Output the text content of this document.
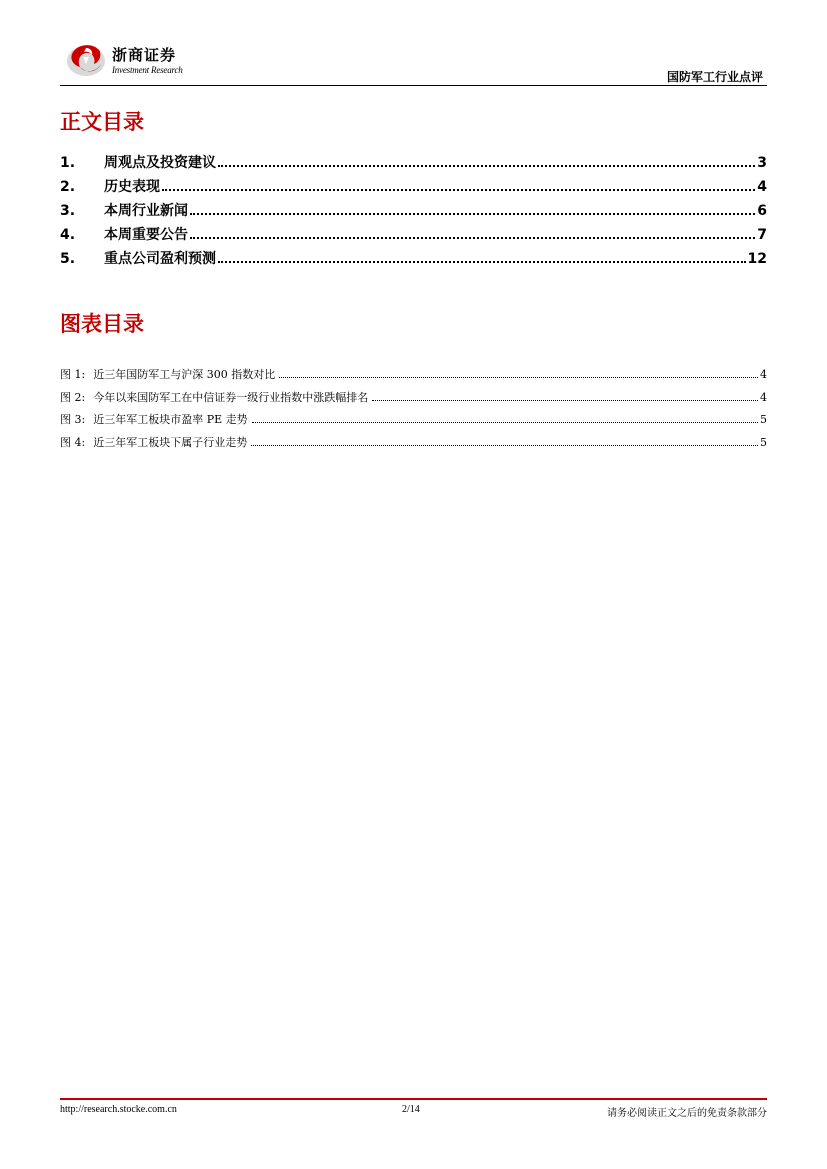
浙商证券
Investment Research	国防军工行业点评
正文目录
1.	周观点及投资建议	3
2.	历史表现	4
3.	本周行业新闻	6
4.	本周重要公告	7
5.	重点公司盈利预测	12
图表目录
图 1: 近三年国防军工与沪深 300 指数对比	4
图 2: 今年以来国防军工在中信证券一级行业指数中涨跌幅排名	4
图 3: 近三年军工板块市盈率 PE 走势	5
图 4: 近三年军工板块下属子行业走势	5
http://research.stocke.com.cn	2/14	请务必阅读正文之后的免责条款部分
